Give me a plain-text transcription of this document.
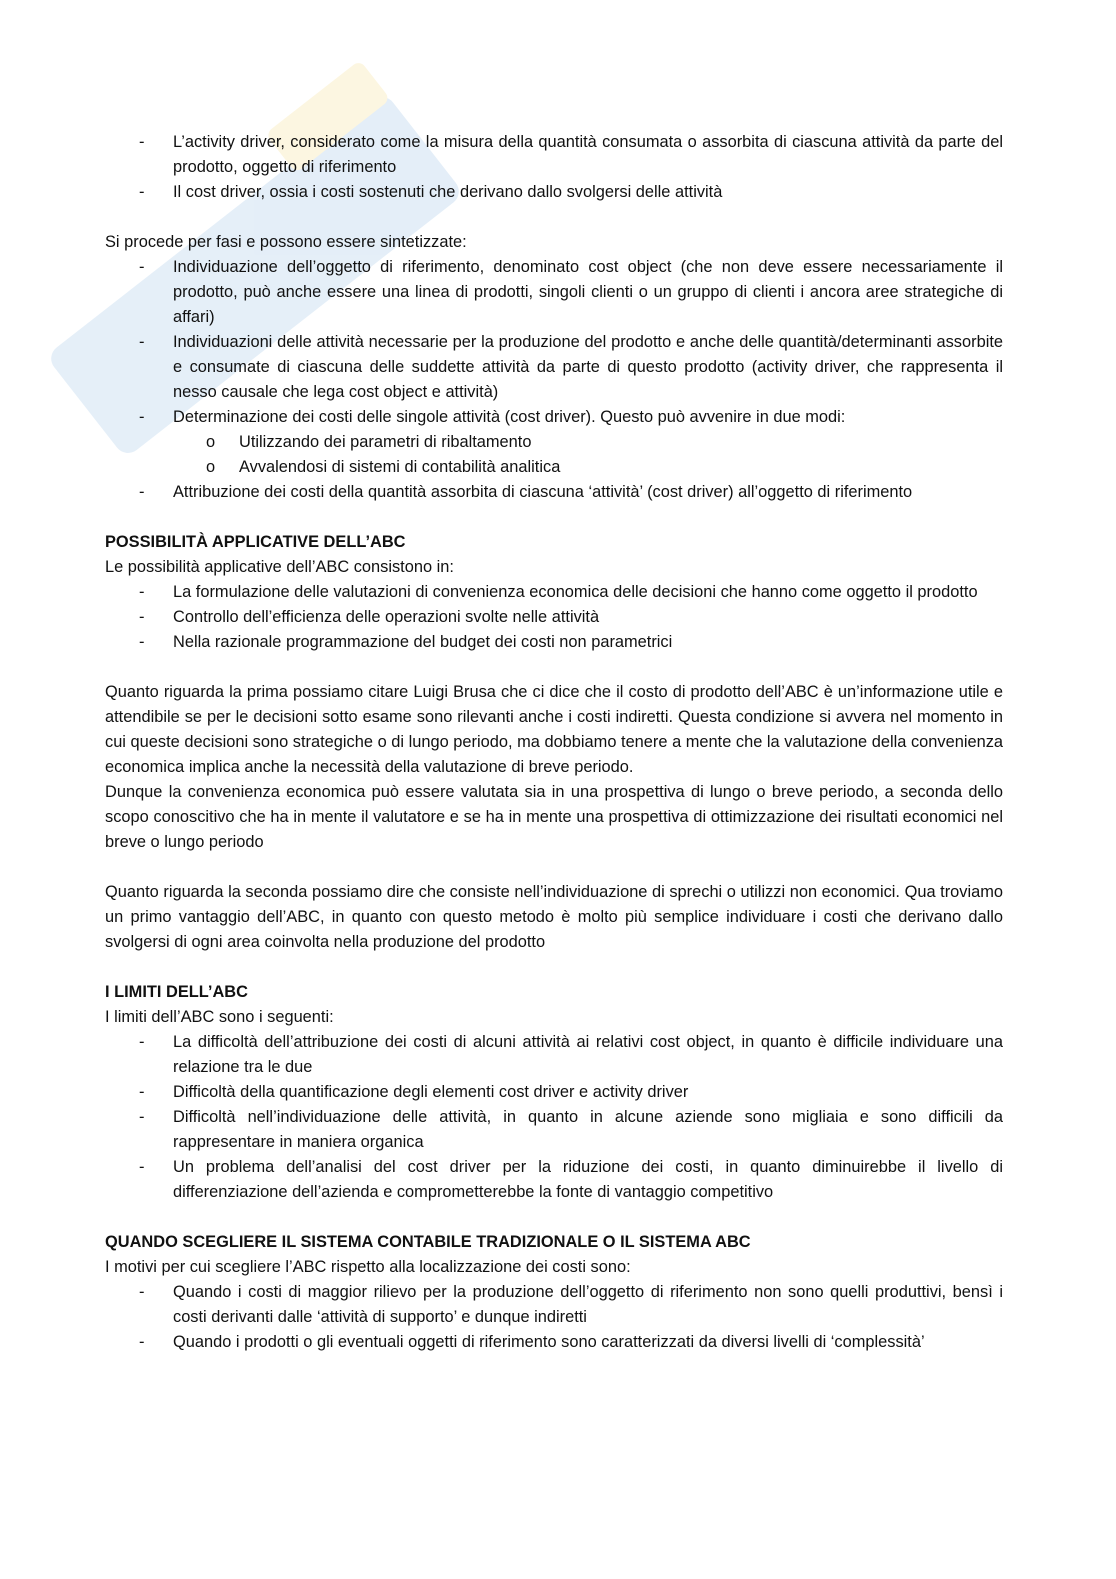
- L’activity driver, considerato come la misura della quantità consumata o assorbita di ciascuna attività da parte del prodotto, oggetto di riferimento
- Il cost driver, ossia i costi sostenuti che derivano dallo svolgersi delle attività

Si procede per fasi e possono essere sintetizzate:

- Individuazione dell’oggetto di riferimento, denominato cost object (che non deve essere necessariamente il prodotto, può anche essere una linea di prodotti, singoli clienti o un gruppo di clienti i ancora aree strategiche di affari)
- Individuazioni delle attività necessarie per la produzione del prodotto e anche delle quantità/determinanti assorbite e consumate di ciascuna delle suddette attività da parte di questo prodotto (activity driver, che rappresenta il nesso causale che lega cost object e attività)
- Determinazione dei costi delle singole attività (cost driver). Questo può avvenire in due modi:
o Utilizzando dei parametri di ribaltamento
o Avvalendosi di sistemi di contabilità analitica
- Attribuzione dei costi della quantità assorbita di ciascuna ‘attività’ (cost driver) all’oggetto di riferimento
POSSIBILITÀ APPLICATIVE DELL’ABC

Le possibilità applicative dell’ABC consistono in:

- La formulazione delle valutazioni di convenienza economica delle decisioni che hanno come oggetto il prodotto
- Controllo dell’efficienza delle operazioni svolte nelle attività
- Nella razionale programmazione del budget dei costi non parametrici

Quanto riguarda la prima possiamo citare Luigi Brusa che ci dice che il costo di prodotto dell’ABC è un’informazione utile e attendibile se per le decisioni sotto esame sono rilevanti anche i costi indiretti. Questa condizione si avvera nel momento in cui queste decisioni sono strategiche o di lungo periodo, ma dobbiamo tenere a mente che la valutazione della convenienza economica implica anche la necessità della valutazione di breve periodo.

Dunque la convenienza economica può essere valutata sia in una prospettiva di lungo o breve periodo, a seconda dello scopo conoscitivo che ha in mente il valutatore e se ha in mente una prospettiva di ottimizzazione dei risultati economici nel breve o lungo periodo

Quanto riguarda la seconda possiamo dire che consiste nell’individuazione di sprechi o utilizzi non economici. Qua troviamo un primo vantaggio dell’ABC, in quanto con questo metodo è molto più semplice individuare i costi che derivano dallo svolgersi di ogni area coinvolta nella produzione del prodotto

I LIMITI DELL’ABC

I limiti dell’ABC sono i seguenti:

- La difficoltà dell’attribuzione dei costi di alcuni attività ai relativi cost object, in quanto è difficile individuare una relazione tra le due
- Difficoltà della quantificazione degli elementi cost driver e activity driver
- Difficoltà nell’individuazione delle attività, in quanto in alcune aziende sono migliaia e sono difficili da rappresentare in maniera organica
- Un problema dell’analisi del cost driver per la riduzione dei costi, in quanto diminuirebbe il livello di differenziazione dell’azienda e comprometterebbe la fonte di vantaggio competitivo
QUANDO SCEGLIERE IL SISTEMA CONTABILE TRADIZIONALE O IL SISTEMA ABC

I motivi per cui scegliere l’ABC rispetto alla localizzazione dei costi sono:

- Quando i costi di maggior rilievo per la produzione dell’oggetto di riferimento non sono quelli produttivi, bensì i costi derivanti dalle ‘attività di supporto’ e dunque indiretti
- Quando i prodotti o gli eventuali oggetti di riferimento sono caratterizzati da diversi livelli di ‘complessità’
